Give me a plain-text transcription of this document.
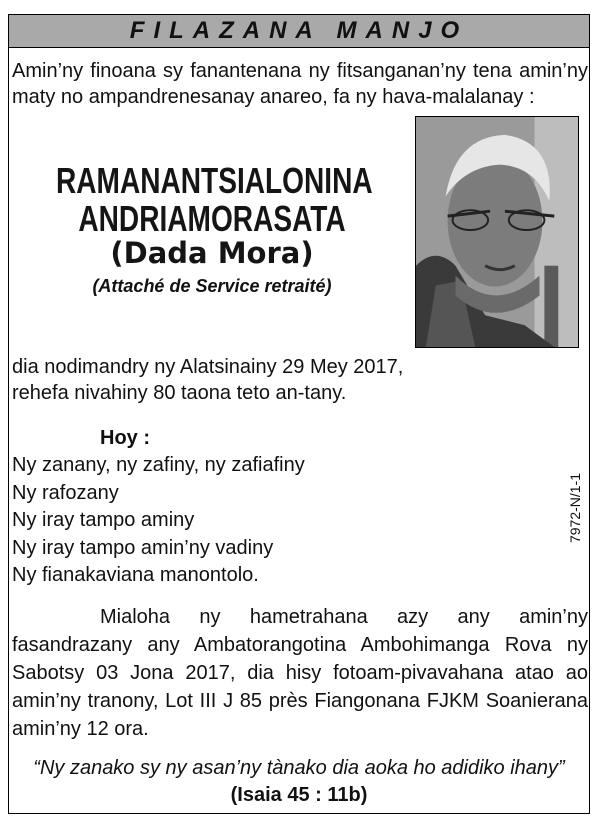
FILAZANA MANJO
Amin’ny finoana sy fanantenana ny fitsanganan’ny tena amin’ny
maty no ampandrenesanay anareo, fa ny hava-malalanay :
RAMANANTSIALONINA
ANDRIAMORASATA
(Dada Mora)
(Attaché de Service retraité)
dia nodimandry ny Alatsinainy 29 Mey 2017,
rehefa nivahiny 80 taona teto an-tany.
Hoy :
Ny zanany, ny zafiny, ny zafiafiny
Ny rafozany
Ny iray tampo aminy
Ny iray tampo amin’ny vadiny
Ny fianakaviana manontolo.
7972-N/1-1
Mialoha ny hametrahana azy any amin’ny fasandrazany any Ambatorangotina Ambohimanga Rova ny Sabotsy 03 Jona 2017, dia hisy fotoam-pivavahana atao ao amin’ny tranony, Lot III J 85 près Fiangonana FJKM Soanierana amin’ny 12 ora.
“Ny zanako sy ny asan’ny tànako dia aoka ho adidiko ihany”
(Isaia 45 : 11b)
